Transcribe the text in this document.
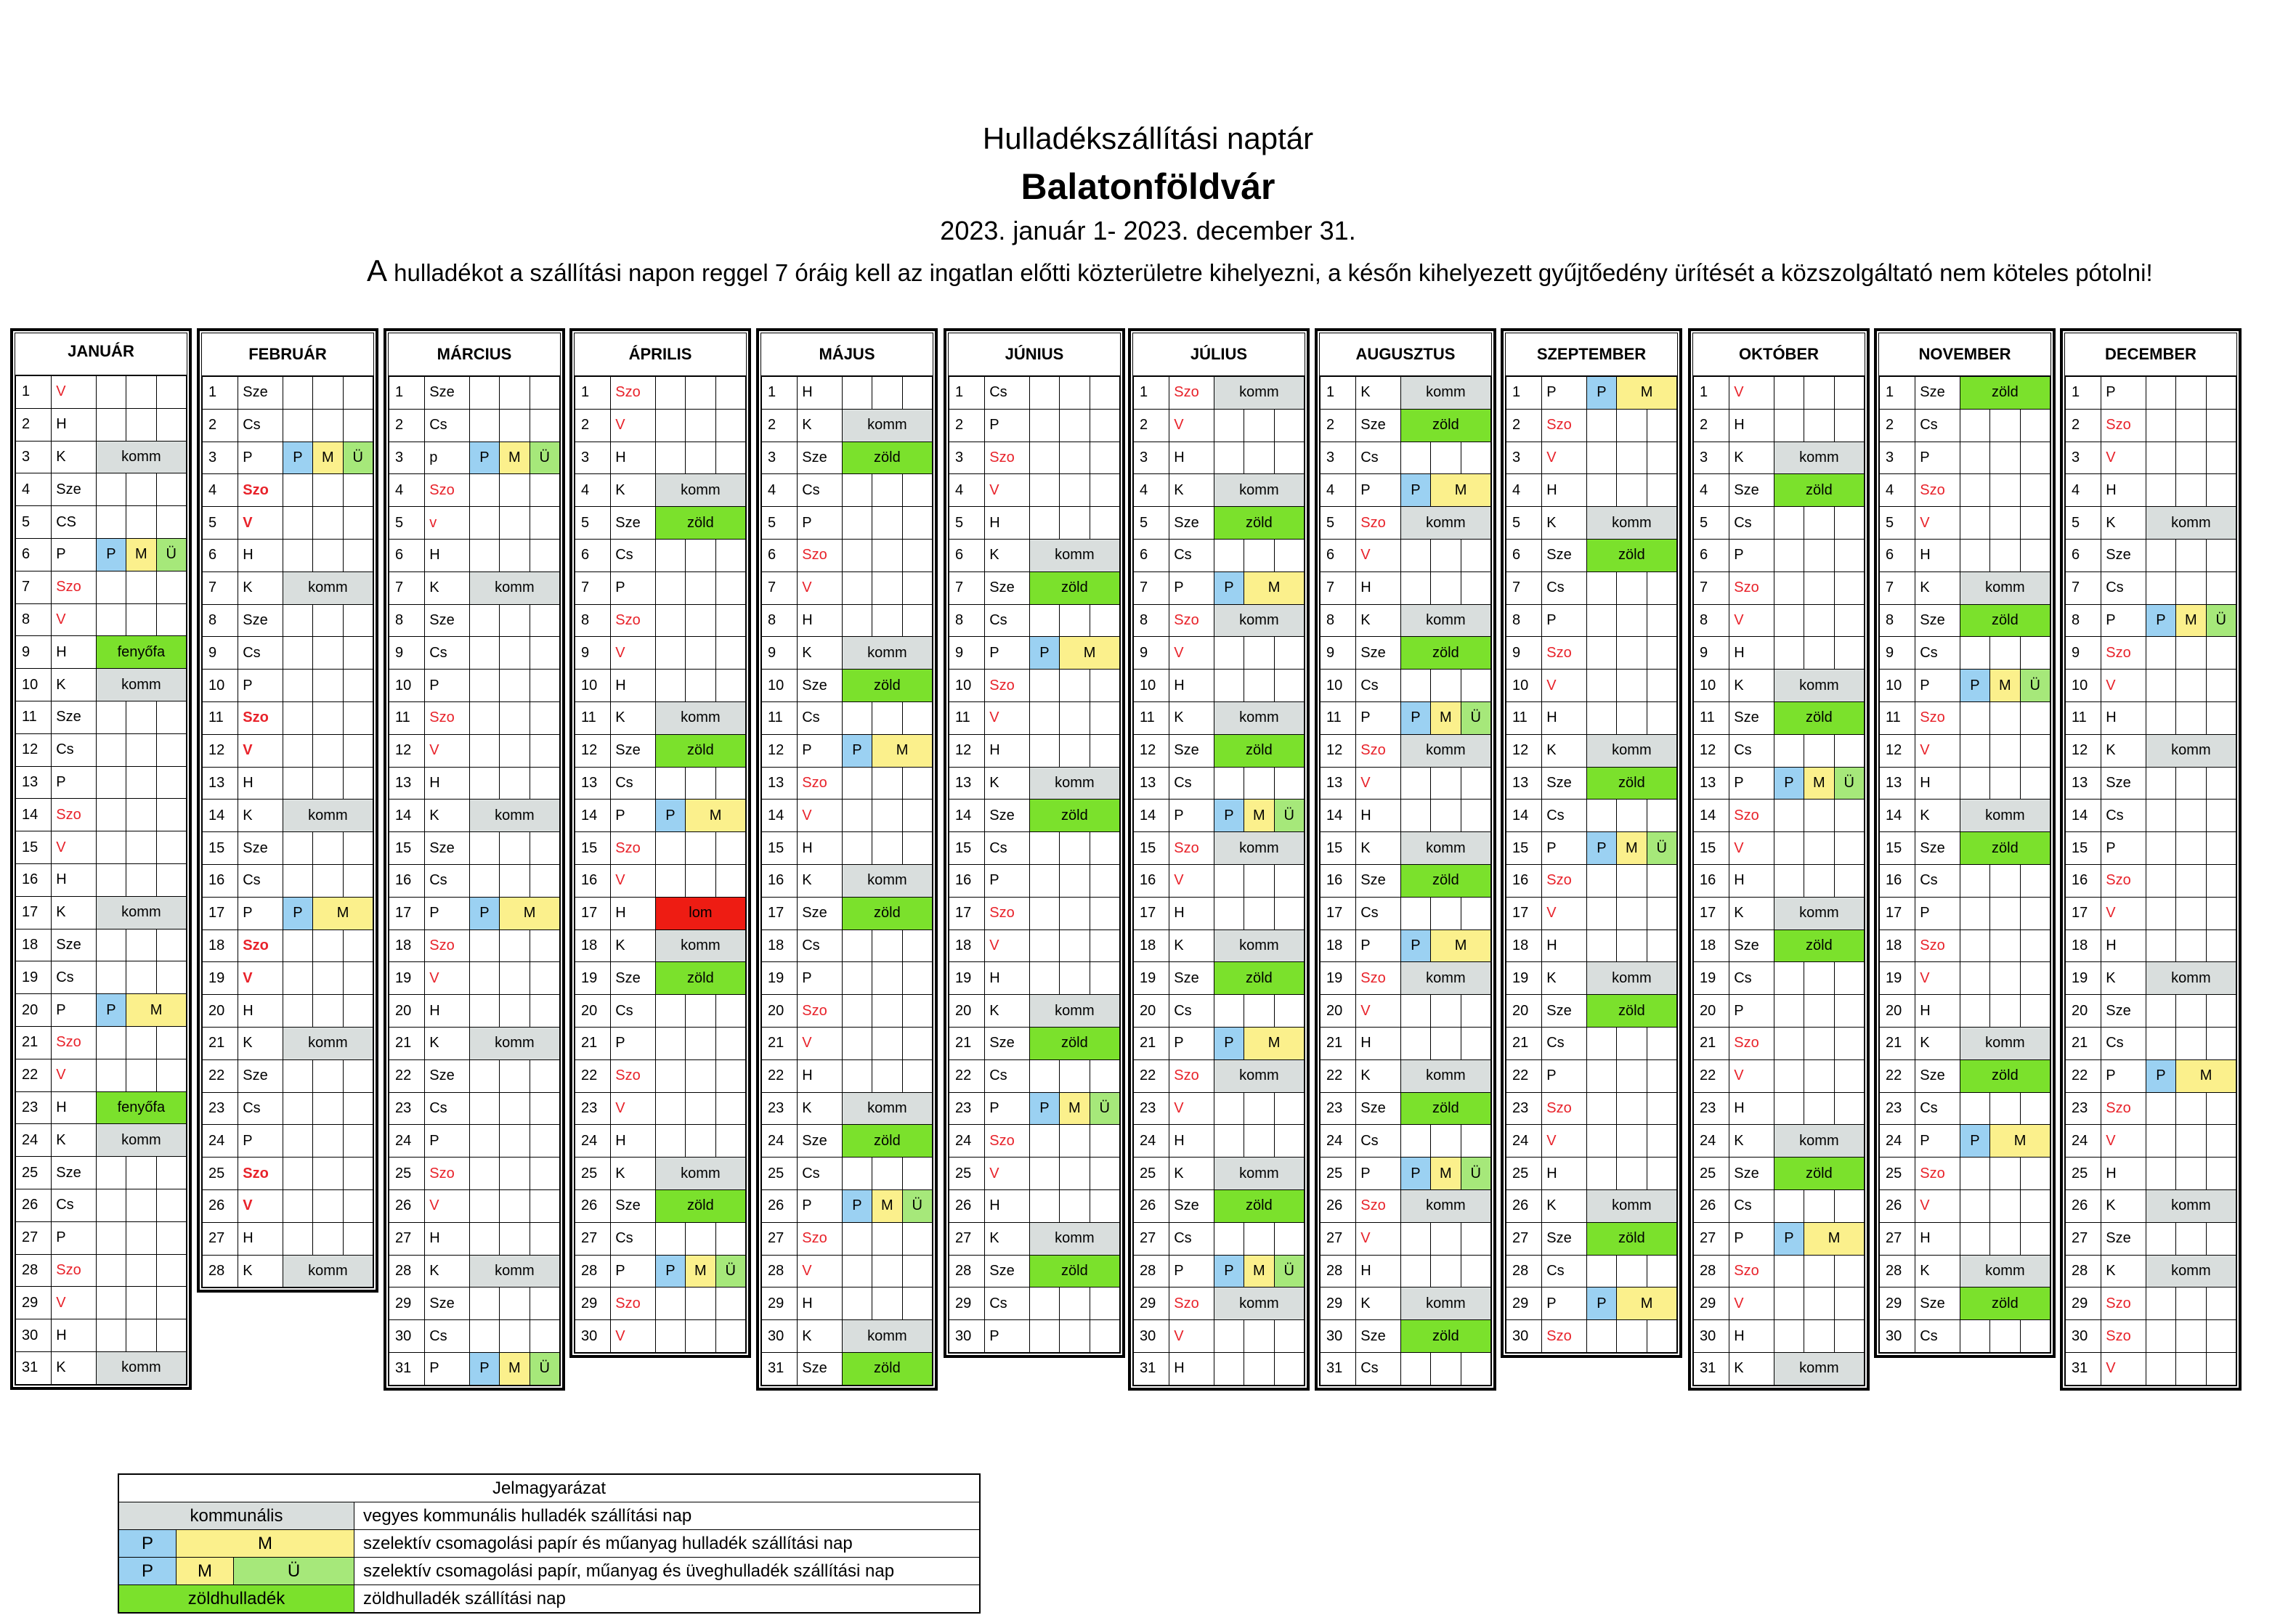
Hulladékszállítási naptár
Balatonföldvár
2023. január 1- 2023. december 31.
A hulladékot a szállítási napon reggel 7 óráig kell az ingatlan előtti közterületre kihelyezni, a későn kihelyezett gyűjtőedény ürítését a közszolgáltató nem köteles pótolni!
JANUÁR
1	V			
2	H			
3	K	komm		
4	Sze			
5	CS			
6	P	P	M	Ü
7	Szo			
8	V			
9	H	fenyőfa		
10	K	komm		
11	Sze			
12	Cs			
13	P			
14	Szo			
15	V			
16	H			
17	K	komm		
18	Sze			
19	Cs			
20	P	P	M	
21	Szo			
22	V			
23	H	fenyőfa		
24	K	komm		
25	Sze			
26	Cs			
27	P			
28	Szo			
29	V			
30	H			
31	K	komm		
FEBRUÁR
1	Sze			
2	Cs			
3	P	P	M	Ü
4	Szo			
5	V			
6	H			
7	K	komm		
8	Sze			
9	Cs			
10	P			
11	Szo			
12	V			
13	H			
14	K	komm		
15	Sze			
16	Cs			
17	P	P	M	
18	Szo			
19	V			
20	H			
21	K	komm		
22	Sze			
23	Cs			
24	P			
25	Szo			
26	V			
27	H			
28	K	komm		
MÁRCIUS
1	Sze			
2	Cs			
3	p	P	M	Ü
4	Szo			
5	v			
6	H			
7	K	komm		
8	Sze			
9	Cs			
10	P			
11	Szo			
12	V			
13	H			
14	K	komm		
15	Sze			
16	Cs			
17	P	P	M	
18	Szo			
19	V			
20	H			
21	K	komm		
22	Sze			
23	Cs			
24	P			
25	Szo			
26	V			
27	H			
28	K	komm		
29	Sze			
30	Cs			
31	P	P	M	Ü
ÁPRILIS
1	Szo			
2	V			
3	H			
4	K	komm		
5	Sze	zöld		
6	Cs			
7	P			
8	Szo			
9	V			
10	H			
11	K	komm		
12	Sze	zöld		
13	Cs			
14	P	P	M	
15	Szo			
16	V			
17	H	lom		
18	K	komm		
19	Sze	zöld		
20	Cs			
21	P			
22	Szo			
23	V			
24	H			
25	K	komm		
26	Sze	zöld		
27	Cs			
28	P	P	M	Ü
29	Szo			
30	V			
MÁJUS
1	H			
2	K	komm		
3	Sze	zöld		
4	Cs			
5	P			
6	Szo			
7	V			
8	H			
9	K	komm		
10	Sze	zöld		
11	Cs			
12	P	P	M	
13	Szo			
14	V			
15	H			
16	K	komm		
17	Sze	zöld		
18	Cs			
19	P			
20	Szo			
21	V			
22	H			
23	K	komm		
24	Sze	zöld		
25	Cs			
26	P	P	M	Ü
27	Szo			
28	V			
29	H			
30	K	komm		
31	Sze	zöld		
JÚNIUS
1	Cs			
2	P			
3	Szo			
4	V			
5	H			
6	K	komm		
7	Sze	zöld		
8	Cs			
9	P	P	M	
10	Szo			
11	V			
12	H			
13	K	komm		
14	Sze	zöld		
15	Cs			
16	P			
17	Szo			
18	V			
19	H			
20	K	komm		
21	Sze	zöld		
22	Cs			
23	P	P	M	Ü
24	Szo			
25	V			
26	H			
27	K	komm		
28	Sze	zöld		
29	Cs			
30	P			
JÚLIUS
1	Szo	komm		
2	V			
3	H			
4	K	komm		
5	Sze	zöld		
6	Cs			
7	P	P	M	
8	Szo	komm		
9	V			
10	H			
11	K	komm		
12	Sze	zöld		
13	Cs			
14	P	P	M	Ü
15	Szo	komm		
16	V			
17	H			
18	K	komm		
19	Sze	zöld		
20	Cs			
21	P	P	M	
22	Szo	komm		
23	V			
24	H			
25	K	komm		
26	Sze	zöld		
27	Cs			
28	P	P	M	Ü
29	Szo	komm		
30	V			
31	H			
AUGUSZTUS
1	K	komm		
2	Sze	zöld		
3	Cs			
4	P	P	M	
5	Szo	komm		
6	V			
7	H			
8	K	komm		
9	Sze	zöld		
10	Cs			
11	P	P	M	Ü
12	Szo	komm		
13	V			
14	H			
15	K	komm		
16	Sze	zöld		
17	Cs			
18	P	P	M	
19	Szo	komm		
20	V			
21	H			
22	K	komm		
23	Sze	zöld		
24	Cs			
25	P	P	M	Ü
26	Szo	komm		
27	V			
28	H			
29	K	komm		
30	Sze	zöld		
31	Cs			
SZEPTEMBER
1	P	P	M	
2	Szo			
3	V			
4	H			
5	K	komm		
6	Sze	zöld		
7	Cs			
8	P			
9	Szo			
10	V			
11	H			
12	K	komm		
13	Sze	zöld		
14	Cs			
15	P	P	M	Ü
16	Szo			
17	V			
18	H			
19	K	komm		
20	Sze	zöld		
21	Cs			
22	P			
23	Szo			
24	V			
25	H			
26	K	komm		
27	Sze	zöld		
28	Cs			
29	P	P	M	
30	Szo			
OKTÓBER
1	V			
2	H			
3	K	komm		
4	Sze	zöld		
5	Cs			
6	P			
7	Szo			
8	V			
9	H			
10	K	komm		
11	Sze	zöld		
12	Cs			
13	P	P	M	Ü
14	Szo			
15	V			
16	H			
17	K	komm		
18	Sze	zöld		
19	Cs			
20	P			
21	Szo			
22	V			
23	H			
24	K	komm		
25	Sze	zöld		
26	Cs			
27	P	P	M	
28	Szo			
29	V			
30	H			
31	K	komm		
NOVEMBER
1	Sze	zöld		
2	Cs			
3	P			
4	Szo			
5	V			
6	H			
7	K	komm		
8	Sze	zöld		
9	Cs			
10	P	P	M	Ü
11	Szo			
12	V			
13	H			
14	K	komm		
15	Sze	zöld		
16	Cs			
17	P			
18	Szo			
19	V			
20	H			
21	K	komm		
22	Sze	zöld		
23	Cs			
24	P	P	M	
25	Szo			
26	V			
27	H			
28	K	komm		
29	Sze	zöld		
30	Cs			
DECEMBER
1	P			
2	Szo			
3	V			
4	H			
5	K	komm		
6	Sze			
7	Cs			
8	P	P	M	Ü
9	Szo			
10	V			
11	H			
12	K	komm		
13	Sze			
14	Cs			
15	P			
16	Szo			
17	V			
18	H			
19	K	komm		
20	Sze			
21	Cs			
22	P	P	M	
23	Szo			
24	V			
25	H			
26	K	komm		
27	Sze			
28	K	komm		
29	Szo			
30	Szo			
31	V			
Jelmagyarázat
kommunális	vegyes kommunális hulladék szállítási nap
P	M	szelektív csomagolási papír és műanyag hulladék szállítási nap
P	M	Ü	szelektív csomagolási papír, műanyag és üveghulladék szállítási nap
zöldhulladék	zöldhulladék szállítási nap
